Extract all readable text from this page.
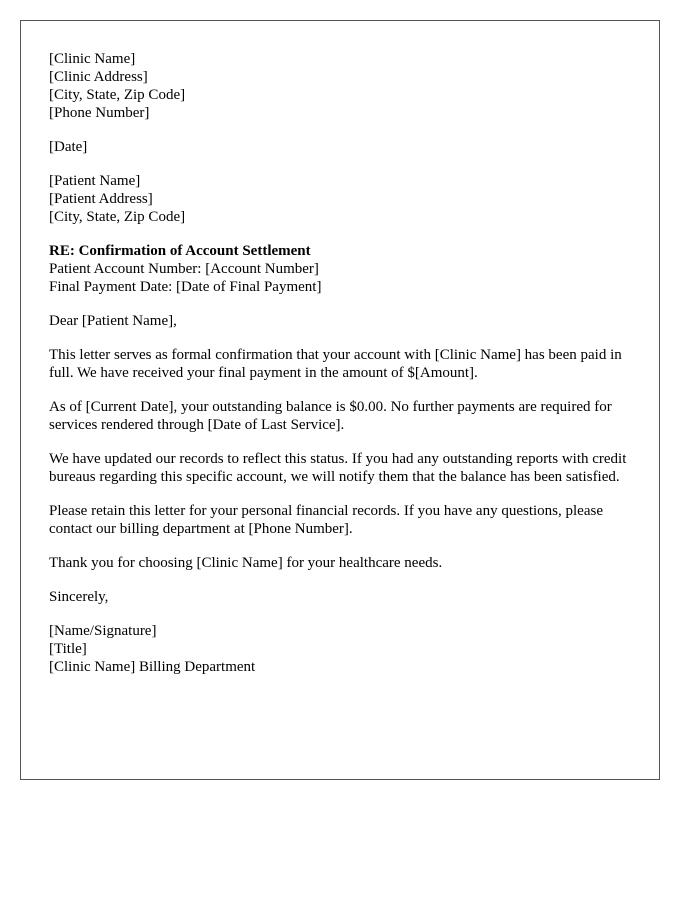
[Clinic Name]
[Clinic Address]
[City, State, Zip Code]
[Phone Number]
[Date]
[Patient Name]
[Patient Address]
[City, State, Zip Code]
RE: Confirmation of Account Settlement
Patient Account Number: [Account Number]
Final Payment Date: [Date of Final Payment]

Dear [Patient Name],

This letter serves as formal confirmation that your account with [Clinic Name] has been paid in full. We have received your final payment in the amount of $[Amount].

As of [Current Date], your outstanding balance is $0.00. No further payments are required for services rendered through [Date of Last Service].

We have updated our records to reflect this status. If you had any outstanding reports with credit bureaus regarding this specific account, we will notify them that the balance has been satisfied.

Please retain this letter for your personal financial records. If you have any questions, please contact our billing department at [Phone Number].

Thank you for choosing [Clinic Name] for your healthcare needs.

Sincerely,

[Name/Signature]
[Title]
[Clinic Name] Billing Department
